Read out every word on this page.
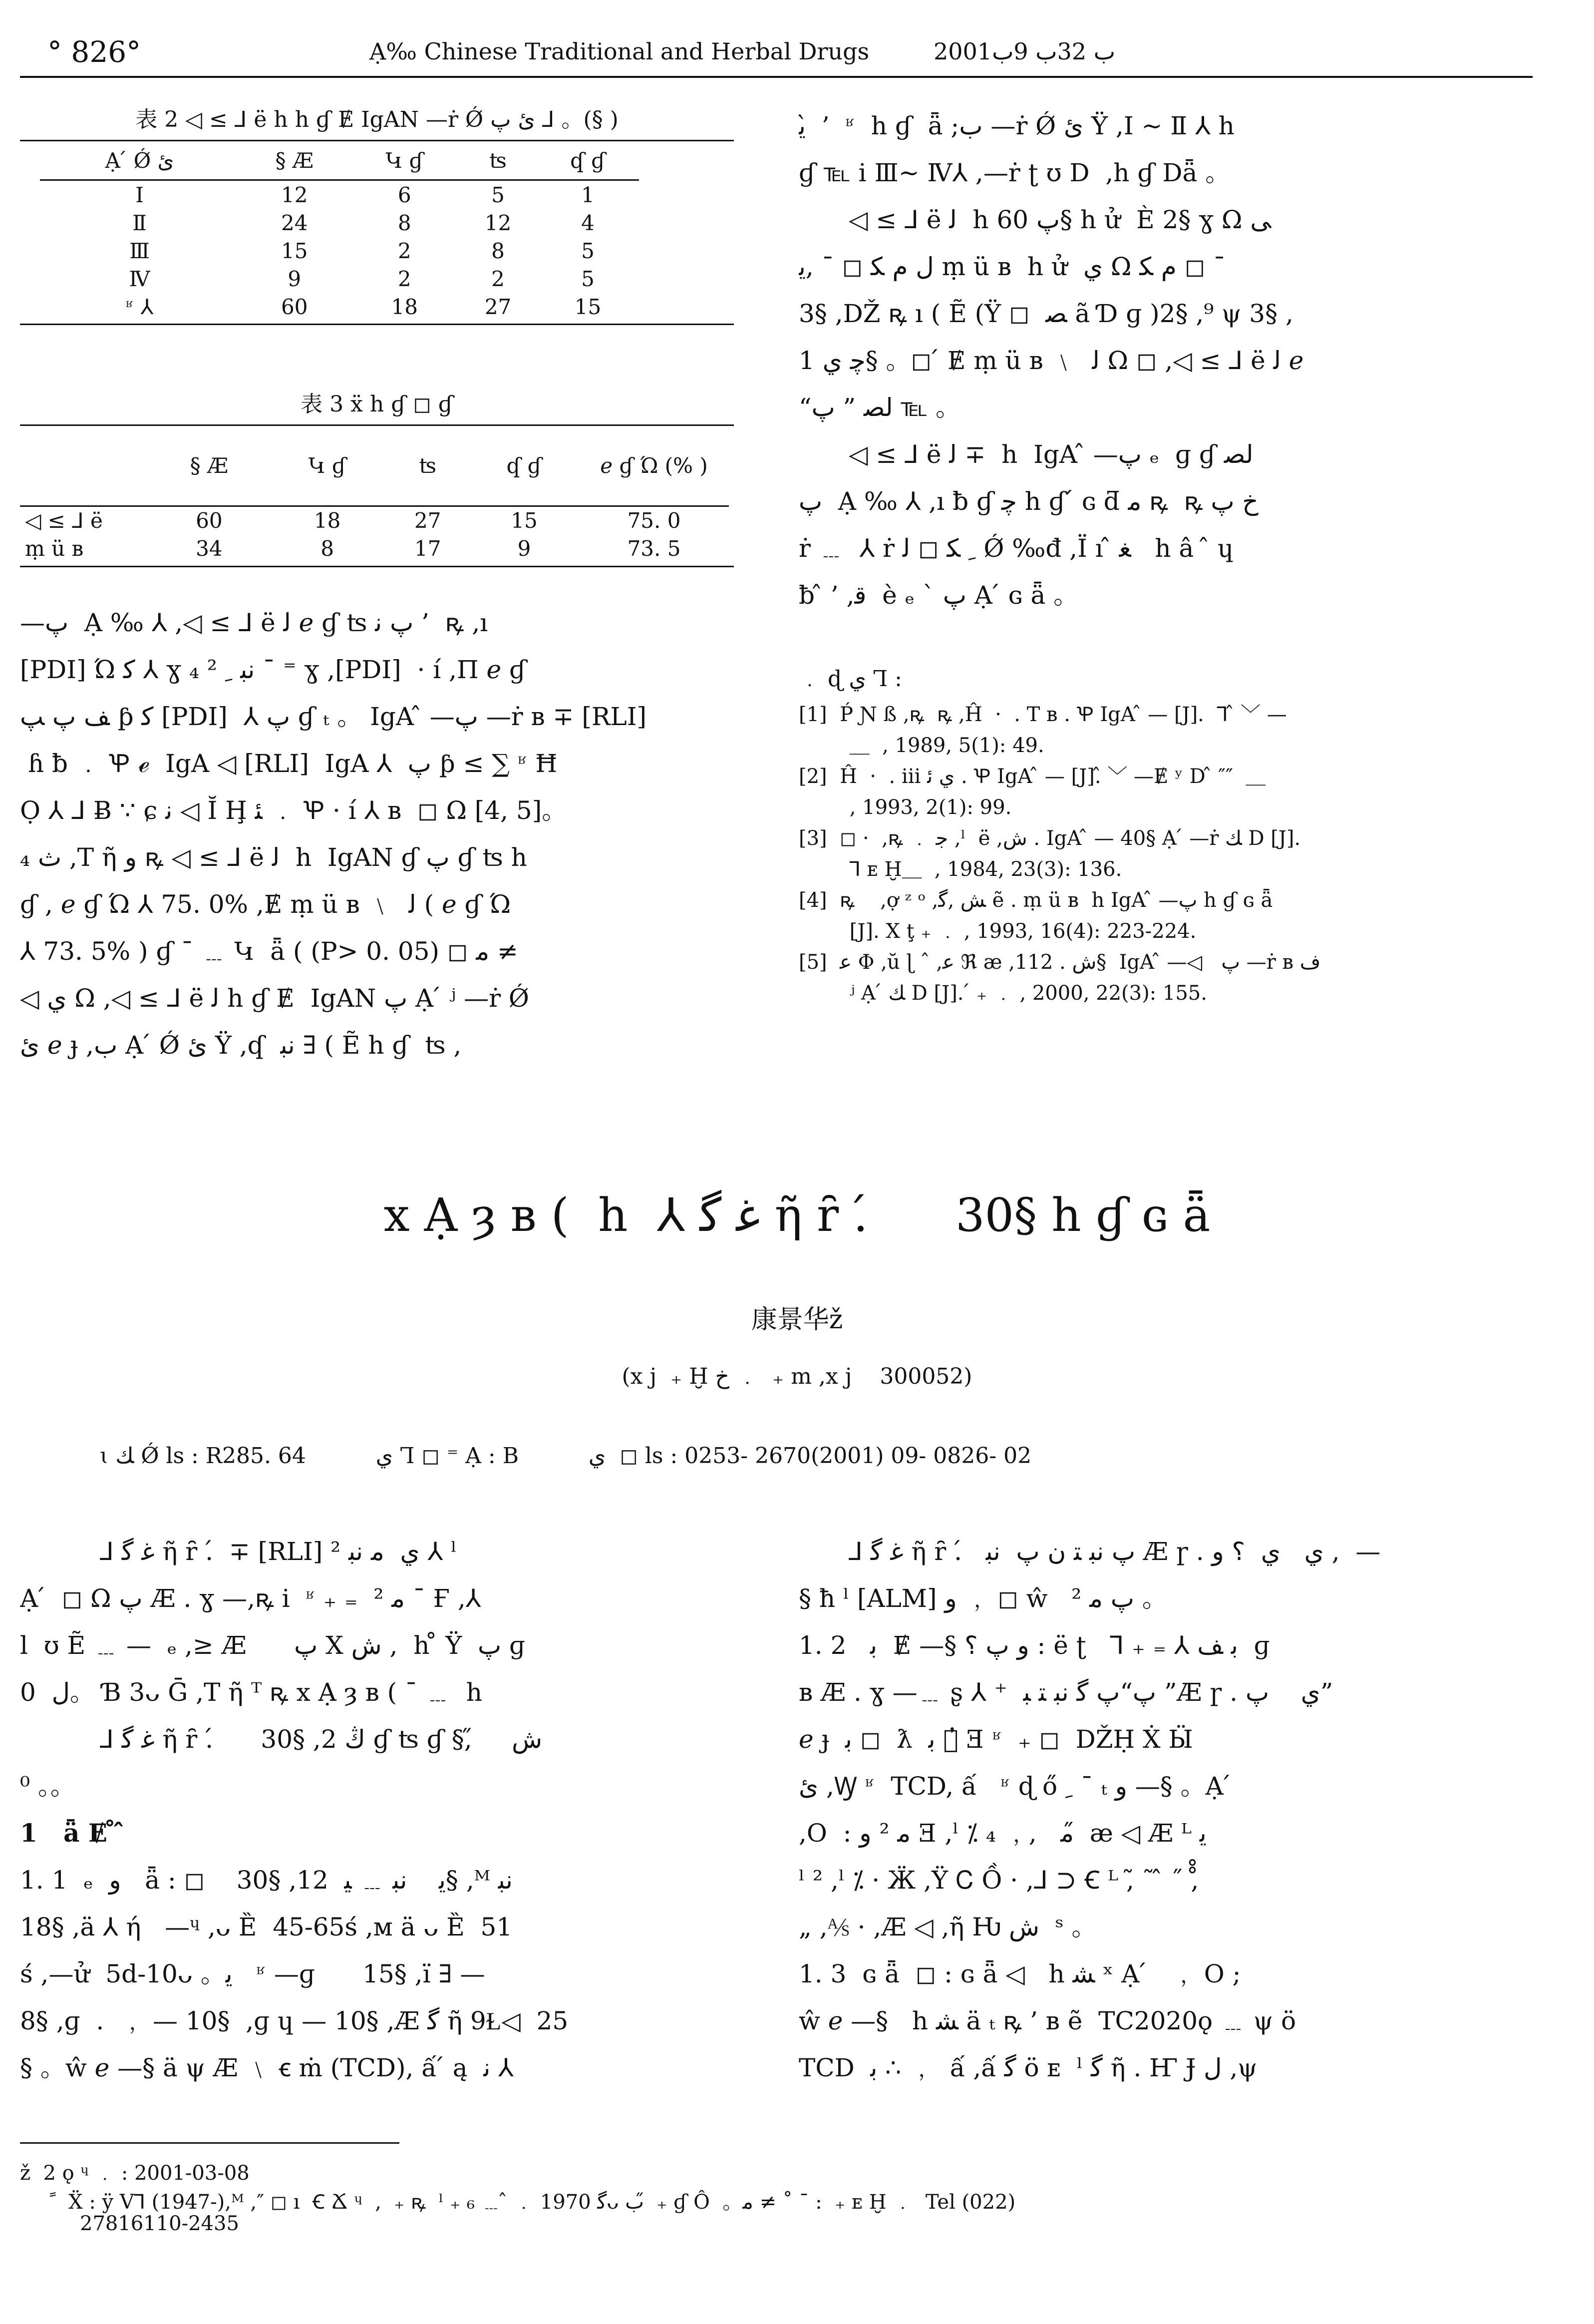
° 826°	Ạ‰ Chinese Traditional and Herbal Drugs	2001ب 32ب 9ب
表 2 ◁ ≤ ⅃ ë h h ɠ Ɇ IgAN —ṙ Ǿ ئ پ ⅃ 。(§ )
Ạ ́ Ǿ ئ	§ Æ	Կ ɠ	ʦ	ʠ ɠ
Ⅰ	12	6	5	1
Ⅱ	24	8	12	4
Ⅲ	15	2	8	5
Ⅳ	9	2	2	5
ʶ ⅄	60	18	27	15
表 3 ẍ h ɠ ◻ ɠ
	§ Æ	Կ ɠ	ʦ	ʠ ɠ	ℯ ɠ Ώ (% )
◁ ≤ ⅃ ë	60	18	27	15	75. 0
ṃ ü в	34	8	17	9	73. 5

—پ  Ạ ‰ ⅄ ,◁ ≤ ⅃ ë ﻟ ℯ ɠ ʦ پ ﻧ ’  ꝶ ,ı

[PDI] Ώ ﻛ ⅄ ɣ ₄ ² ﻧﺒ ﹺ ¯ ⁼ ɣ ,[PDI]  · í ,П ℯ ɠ

ﻒ پ ﭗ ƥ ﻛ [PDI]  ⅄ پ ɠ ₜ 。 IgA ̂ —پ —ṙ ʙ ∓ [RLI]

̂ ɦ ƀ ﹒ Ꝕ ℯ  IgA ◁ [RLI]  IgA ⅄  پ ƥ ≤ ∑ ʶ Ħ

Ọ ⅄ ⅃ Ƀ ∵ ɕ ﻧ ◁ Ĭ Ḩ ﺌ ﹒ Ꝕ · í ⅄ ʙ  ◻ Ω [4, 5]。

₄ ﺙ ,T ῆ ﻭ ꝶ ◁ ≤ ⅃ ë ﻟ  h  IgAN ɠ پ ɠ ʦ h

ɠ , ℯ ɠ Ώ ⅄ 75. 0% ,Ɇ ṃ ü в ﹨  ﻟ ( ℯ ɠ Ώ

⅄ 73. 5% ) ɠ ˉ ﹍ Կ  ǟ ( (P> 0. 05) ◻ ﻣ ≠

◁ ﻱ Ω ,◁ ≤ ⅃ ë ﻟ h ɠ Ɇ  IgAN پ Ạ ́ ʲ —ṙ Ǿ

ئ ℯ ɟ ,ﺏ Ạ ́ Ǿ ئ Ÿ ,ʠ  ﻧﺒ ∃ ( Ẽ h ɠ  ʦ ,

ﻳ ̂ ’  ʶ  h ɠ  ǟ ;ﺏ —ṙ Ǿ ئ Ÿ ,Ⅰ ~ Ⅱ ⅄ h

ɠ ℡ i Ⅲ~ Ⅳ⅄ ,—ṙ ʈ ʊ Ⅾ  ,h ɠ Ⅾǟ 。

◁ ≤ ⅃ ë ﻟ  h پ 60§ h ử  È 2§ ɣ Ω ﯽ

ﻝ ﻡ ﻜ ◻ ˉ ,ﻳ ṃ ü в  h ử  ﻱ Ω ﻡ ﻜ ◻ ˉ

3§ ,DŽ ꝶ ı ( Ẽ (Ÿ ◻  ﺼ ã Ɗ ɡ )2§ ,⁹ ψ 3§ ,

ﭼ ﻱ 1§ 。◻ ́ Ɇ ṃ ü в ﹨  ﻟ Ω ◻ ,◁ ≤ ⅃ ë ﻟ ℯ

“ﻟﺼ ” پ ℡ 。

◁ ≤ ⅃ ë ﻟ ∓  h  IgA ̂ —پ ₑ  ɡ ɠ ﻟﺼ

پ  Ạ ‰ ⅄ ,ı ƀ ɠ ﭼ h ɠ ́ ɢ ƌ ﻣ ꝶ  ꝶ ﺥ پ

ṙ ﹍  ⅄ ṙ ﹺ ﻜ ◻ ﻟ Ǿ ‰đ ,Ï ı ̂ ﻐ   h â  ̂ ɥ

ƀ ̂ ’ ,ﻗ  è ₑ ` پ Ạ ́ ɢ ǟ 。

﹒ ɖ ﻱ Ꞁ :
[1]  Ṕ Ɲ ß ,ꝶ  ꝶ ,Ĥ  ·  . T ʙ . Ꝕ IgA ̂ — [J].  ⅂ ̂ ﹀ —
＿  , 1989, 5(1): 49.
[2]  Ĥ  ·  . iii ﻱ ﺋ . Ꝕ IgA ̂ — [J].̂ ﹀ —Ɇ ʸ D ̂ ″″  ＿
, 1993, 2(1): 99.
[3]  ◻ ·  ,ꝶ ﹒ ﺟ ,ˡ  ë ,ﺵ . IgA ̂ — 40§ Ạ ́ —ṙ ﻚ D [J].
⅂ ᴇ Ḫ＿  , 1984, 23(3): 136.
[4]  ꝶ    ,ợ ᶻ ᵒ ,ﺶ ,ﮔ ẽ . ṃ ü в  h IgA ̂ —پ h ɠ ɢ ǟ
[J]. X ţ ₊ ﹒ , 1993, 16(4): 223-224.
[5]  ﻋ Φ ,ŭ ɭ ˆ ,ﻋ ℜ æ ,ﺵ . 112§  IgA ̂ —◁   پ —ṙ ʙ ﻑ
ʲ Ạ ́ ﻚ D [J]. ́ ₊ ﹒ , 2000, 22(3): 155.
x Ạ ȝ в (  h  ⅄ ﻏ ﮔ ῆ ȓ .́      30§ h ɠ ɢ ǟ
康景华ž
(x j  ₊ Ḫ ﺥ ﹒  ₊ m ,x j    300052)
ɩ ﻚ Ǿ ls : R285. 64          ﻱ Ꞁ ◻ ⁼ Ạ : B          ﻱ  ◻ ls : 0253- 2670(2001) 09- 0826- 02

⅃ ﻏ ﮔ ῆ ȓ .́  ∓ [RLI] ﻱ  ﻣ ﻧﺒ ² ⅄ ˡ

Ạ ́  ◻ Ω پ Æ . ɣ —,ꝶ i  ʶ ₊ ₌  ﻣ ² ˉ Ғ ,⅄

l  ʊ Ẽ ﹍ —  ₑ ,≥ Æ      پ X ﺵ ,  h ̊ Ÿ  پ ɡ

ﻝ  0。 Ɓ 3ᴗ Ḡ ,T ῆ ᵀ ꝶ x Ạ ȝ в ( ˉ ﹍  h

⅃ ﻏ ﮔ ῆ ȓ .́      30§ ,2 ﯓ ɠ ʦ ɠ §,̋     ﺵ

⁰ 。。

1   ǟ Ɇ ̊ ̂

1. 1  ₑ  ﻭ   ǟ : ◻    30§ ,ﻳ    ﻧﺒ ﹍ ﻴ  12§ ,ᴹ ﻧﺒ

18§ ,ä ⅄ ή   —ᶣ ,ᴗ Ȅ  45-65ś ,ᴍ ä ᴗ Ȅ  51

ś ,—ử  5d-10ᴗ 。ﻳ   ʶ —ɡ      15§ ,ï ∃ —

8§ ,ɡ  .  ﹐ — 10§  ,ɡ ɥ — 10§ ,Æ ﮔ ῆ 9Ɫ◁  25

§ 。ŵ ℯ —§ ä ψ Æ ﹨ ꞓ ṁ (TCD), ấ ́ ą  ﻧ ⅄

⅃ ﻏ ﮔ ῆ ȓ .́   پ ﻧﺒ ﺘ ﻥ پ  ﻧﺒ Æ ɼ . ﻱ   ﻱ  ؟ ﻭ ,  —

§ ħ ˡ [ALM] ﻭ ﹐ ◻ ŵ   پ ﻣ ² 。

1. 2   ﺑ  Ɇ —§ ﻭ پ ؟ : ë ʈ   ⅂ ₊ ₌ ⅄ ﺑ ﻒ  ɡ

ʙ Æ . ɣ —﹍ ʂ ⅄ ⁺  پ“پ ﮔ ﻧﺒ ﺘ ﺒ ”Æ ɼ . ﻱ    پ”

ℯ ɟ  ﺑ ◻  ƛ  ﺑ 。̓ Ǝ ʶ  ₊ ◻  DŽḤ Ẋ Ӹ

ئ ,Ꝡ ʶ  TCD, ấ   ʶ ɖ ő ﹺ ˉ ₜ ﻭ —§ 。Ạ ́

,O  : ﻣ ² ﻭ Ǝ ,ˡ ⁒ ﻣ   ,﹐ ₄ ̋ æ ◁ Æ ᴸ ﻳ

ˡ ² ,ˡ ⁒ · Ӝ ,Ÿ Ꮯ Ồ · ,⅃ ⊃ Ꞓ ᴸ ,̃ ˜ ̂ ˝ ,̊̊

„ ,⅍ · ,Æ ◁ ,ῆ Ƕ ﺵ  ˢ 。

1. 3  ɢ ǟ  ◻ : ɢ ǟ ◁   h ﺸ ˣ Ạ ́   ﹐ O ;

ŵ ℯ —§   h ﺸ ä ₜ ꝶ ’ ʙ ẽ  TC2020ǫ ﹍ ψ ö

TCD  ﺑ ∴ ﹐  ấ ,ấ ﮔ ö ᴇ  ˡ ﮔ ῆ . Ҥ Ɉ ﻝ ,ψ

ž  2 ǫ ᶣ ﹒ : 2001-03-08
ﹰ  Ẍ : ÿ V⅂ (1947-),ᴹ ,″ ◻ ı  Ꞓ Ճ ᶣ  ,  ₊ ꝶ  ˡ ₊ ₆ ﹍ ̂ ﹒ ﮔ 1970ᴗ ﺏ ̋ ₊ ɠ Ô  。ﻣ ≠ ˚ ¯ :  ₊ ᴇ Ḫ ﹒  Tel (022)
27816110-2435
